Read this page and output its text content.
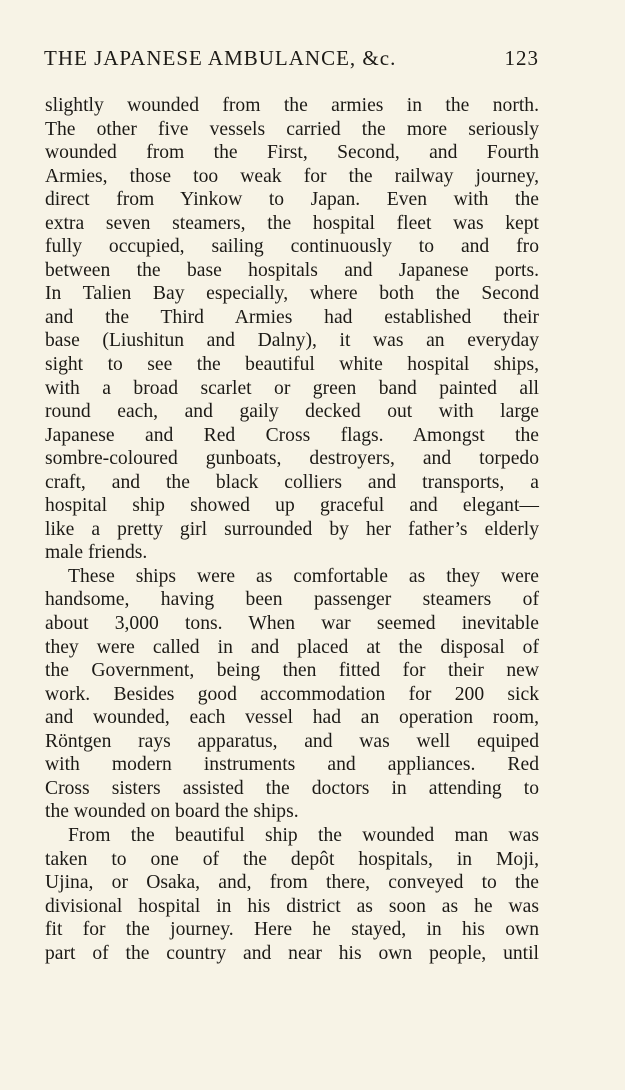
THE JAPANESE AMBULANCE, &c.	123
slightly wounded from the armies in the north.
The other five vessels carried the more seriously
wounded from the First, Second, and Fourth
Armies, those too weak for the railway journey,
direct from Yinkow to Japan. Even with the
extra seven steamers, the hospital fleet was kept
fully occupied, sailing continuously to and fro
between the base hospitals and Japanese ports.
In Talien Bay especially, where both the Second
and the Third Armies had established their
base (Liushitun and Dalny), it was an everyday
sight to see the beautiful white hospital ships,
with a broad scarlet or green band painted all
round each, and gaily decked out with large
Japanese and Red Cross flags. Amongst the
sombre-coloured gunboats, destroyers, and torpedo
craft, and the black colliers and transports, a
hospital ship showed up graceful and elegant—
like a pretty girl surrounded by her father’s elderly
male friends.
These ships were as comfortable as they were
handsome, having been passenger steamers of
about 3,000 tons. When war seemed inevitable
they were called in and placed at the disposal of
the Government, being then fitted for their new
work. Besides good accommodation for 200 sick
and wounded, each vessel had an operation room,
Röntgen rays apparatus, and was well equiped
with modern instruments and appliances. Red
Cross sisters assisted the doctors in attending to
the wounded on board the ships.
From the beautiful ship the wounded man was
taken to one of the depôt hospitals, in Moji,
Ujina, or Osaka, and, from there, conveyed to the
divisional hospital in his district as soon as he was
fit for the journey. Here he stayed, in his own
part of the country and near his own people, until
